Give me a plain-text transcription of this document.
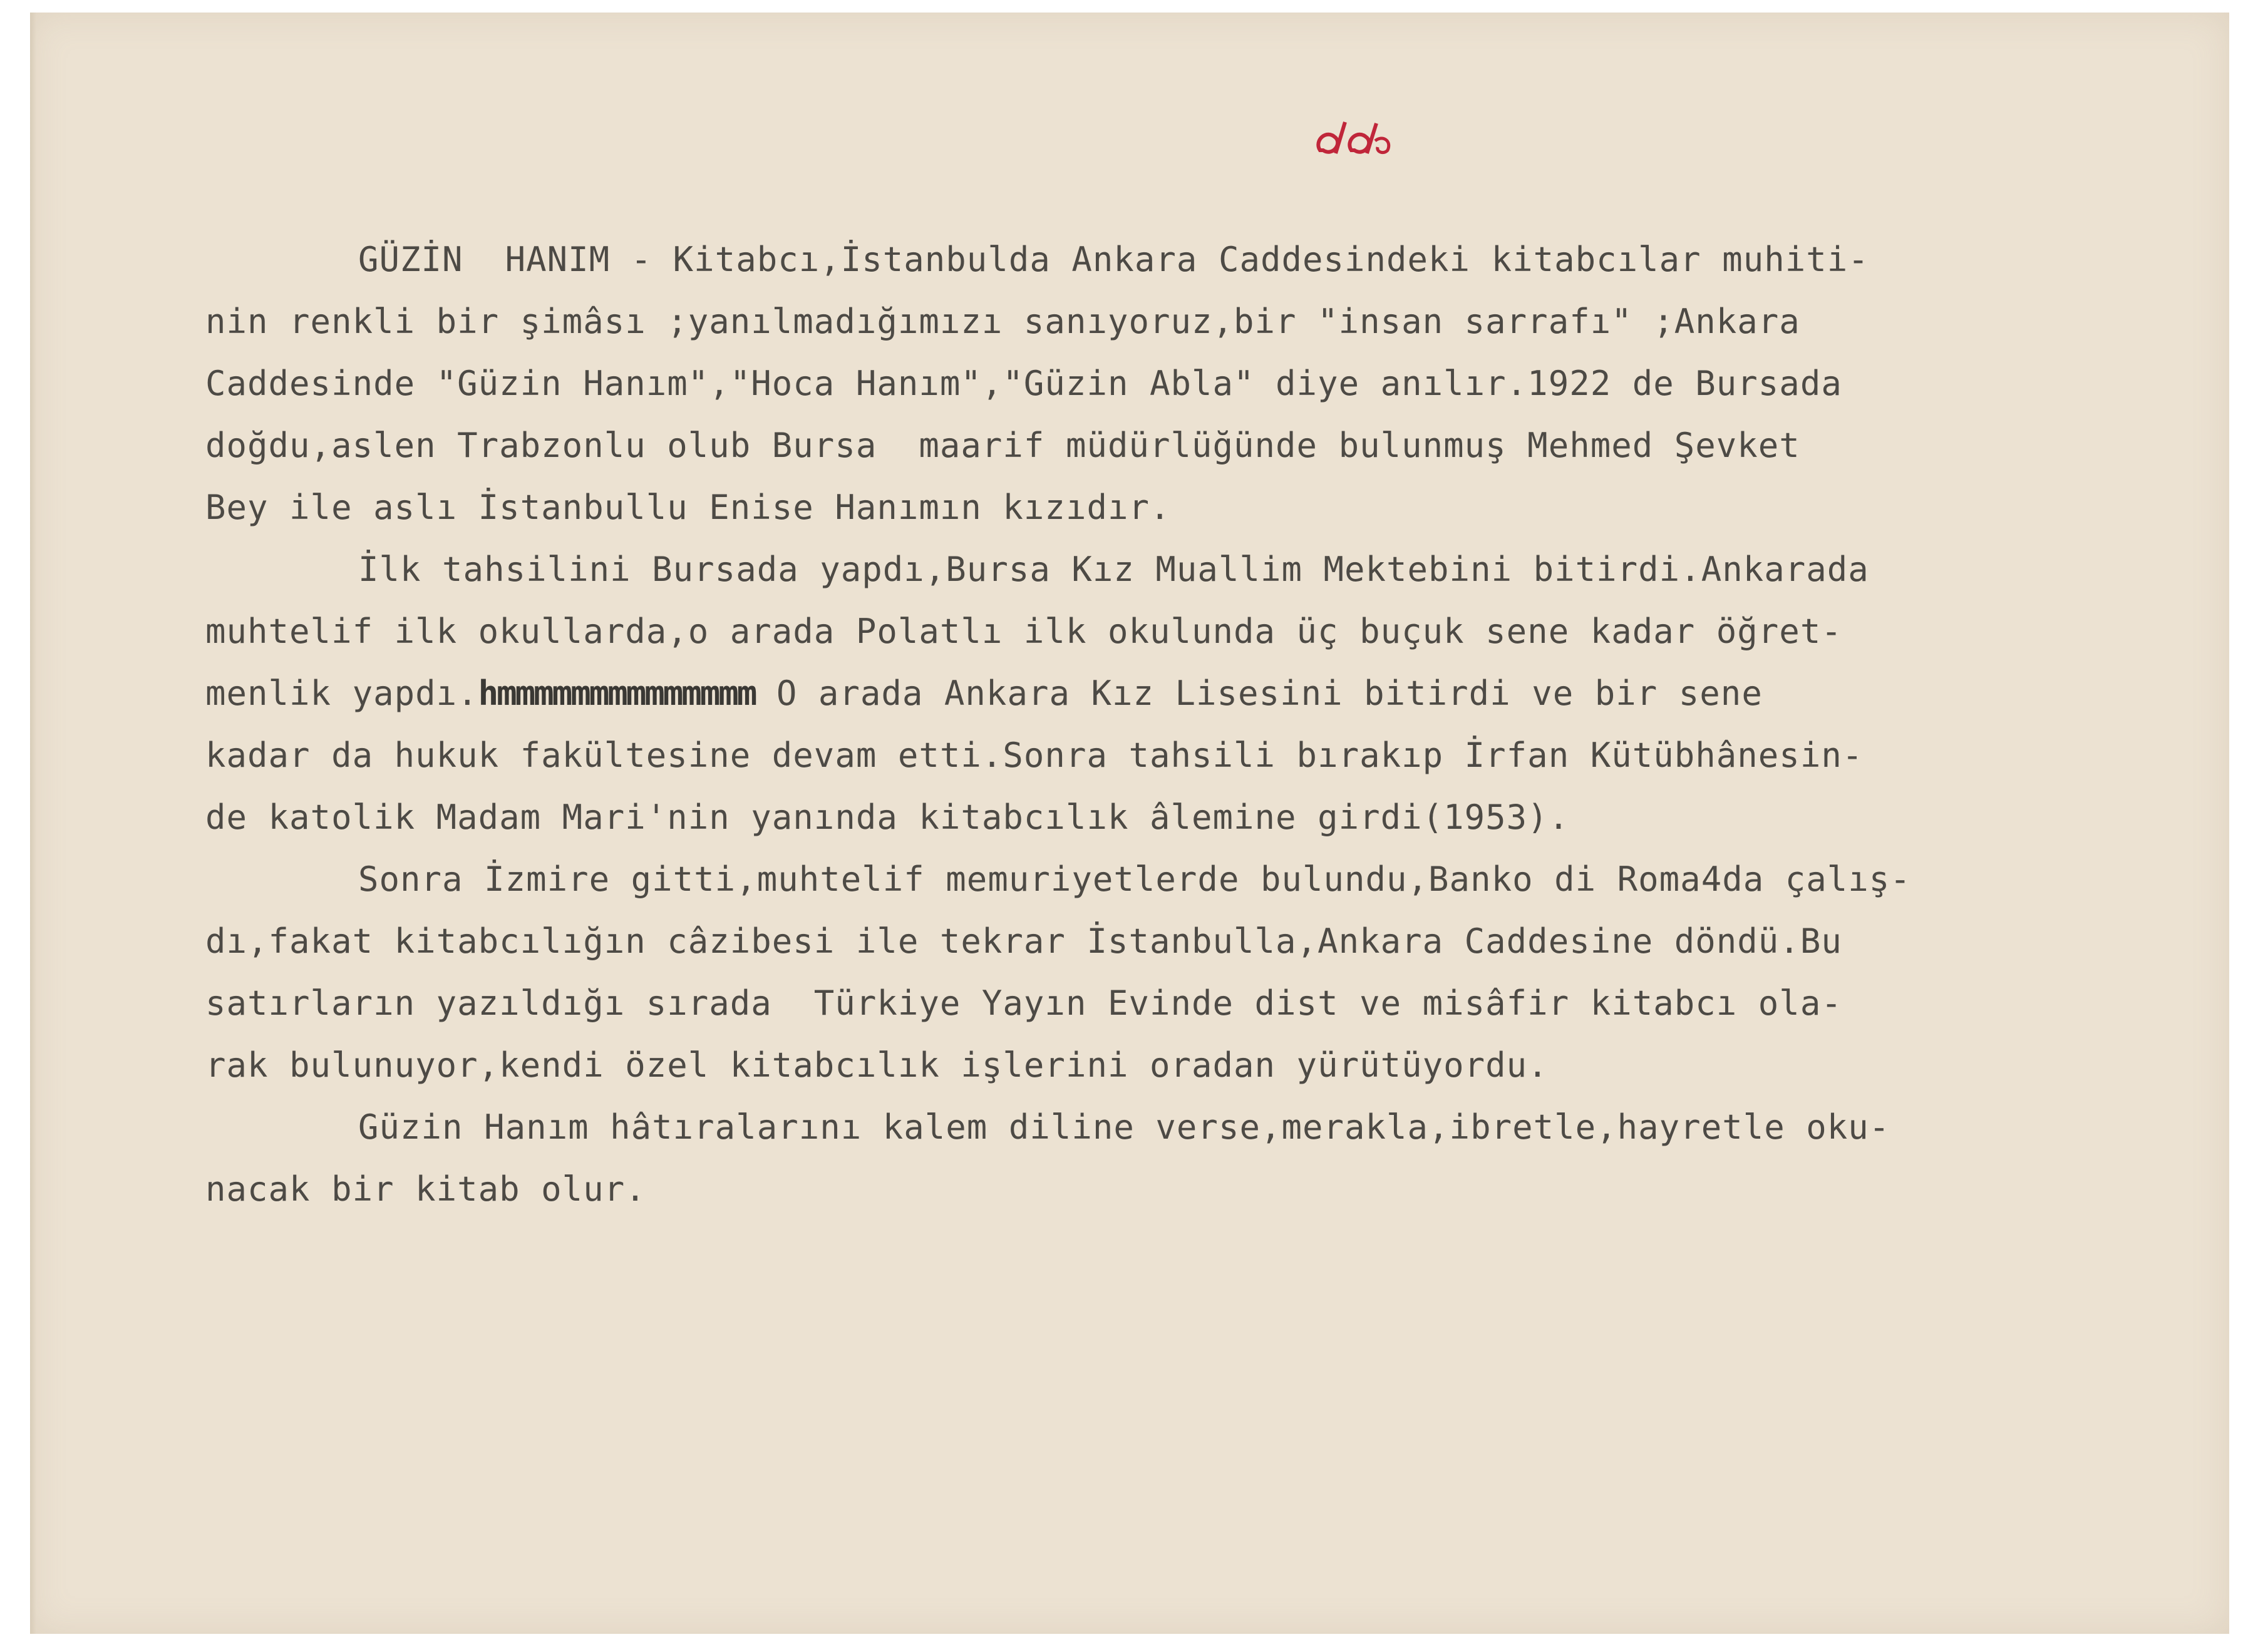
GÜZİN  HANIM - Kitabcı,İstanbulda Ankara Caddesindeki kitabcılar muhiti-
nin renkli bir şimâsı ;yanılmadığımızı sanıyoruz,bir "insan sarrafı" ;Ankara
Caddesinde "Güzin Hanım","Hoca Hanım","Güzin Abla" diye anılır.1922 de Bursada
doğdu,aslen Trabzonlu olub Bursa  maarif müdürlüğünde bulunmuş Mehmed Şevket
Bey ile aslı İstanbullu Enise Hanımın kızıdır.
İlk tahsilini Bursada yapdı,Bursa Kız Muallim Mektebini bitirdi.Ankarada
muhtelif ilk okullarda,o arada Polatlı ilk okulunda üç buçuk sene kadar öğret-
menlik yapdı.hmmmmmmmmmmmmmm O arada Ankara Kız Lisesini bitirdi ve bir sene
kadar da hukuk fakültesine devam etti.Sonra tahsili bırakıp İrfan Kütübhânesin-
de katolik Madam Mari'nin yanında kitabcılık âlemine girdi(1953).
Sonra İzmire gitti,muhtelif memuriyetlerde bulundu,Banko di Roma4da çalış-
dı,fakat kitabcılığın câzibesi ile tekrar İstanbulla,Ankara Caddesine döndü.Bu
satırların yazıldığı sırada  Türkiye Yayın Evinde dist ve misâfir kitabcı ola-
rak bulunuyor,kendi özel kitabcılık işlerini oradan yürütüyordu.
Güzin Hanım hâtıralarını kalem diline verse,merakla,ibretle,hayretle oku-
nacak bir kitab olur.
